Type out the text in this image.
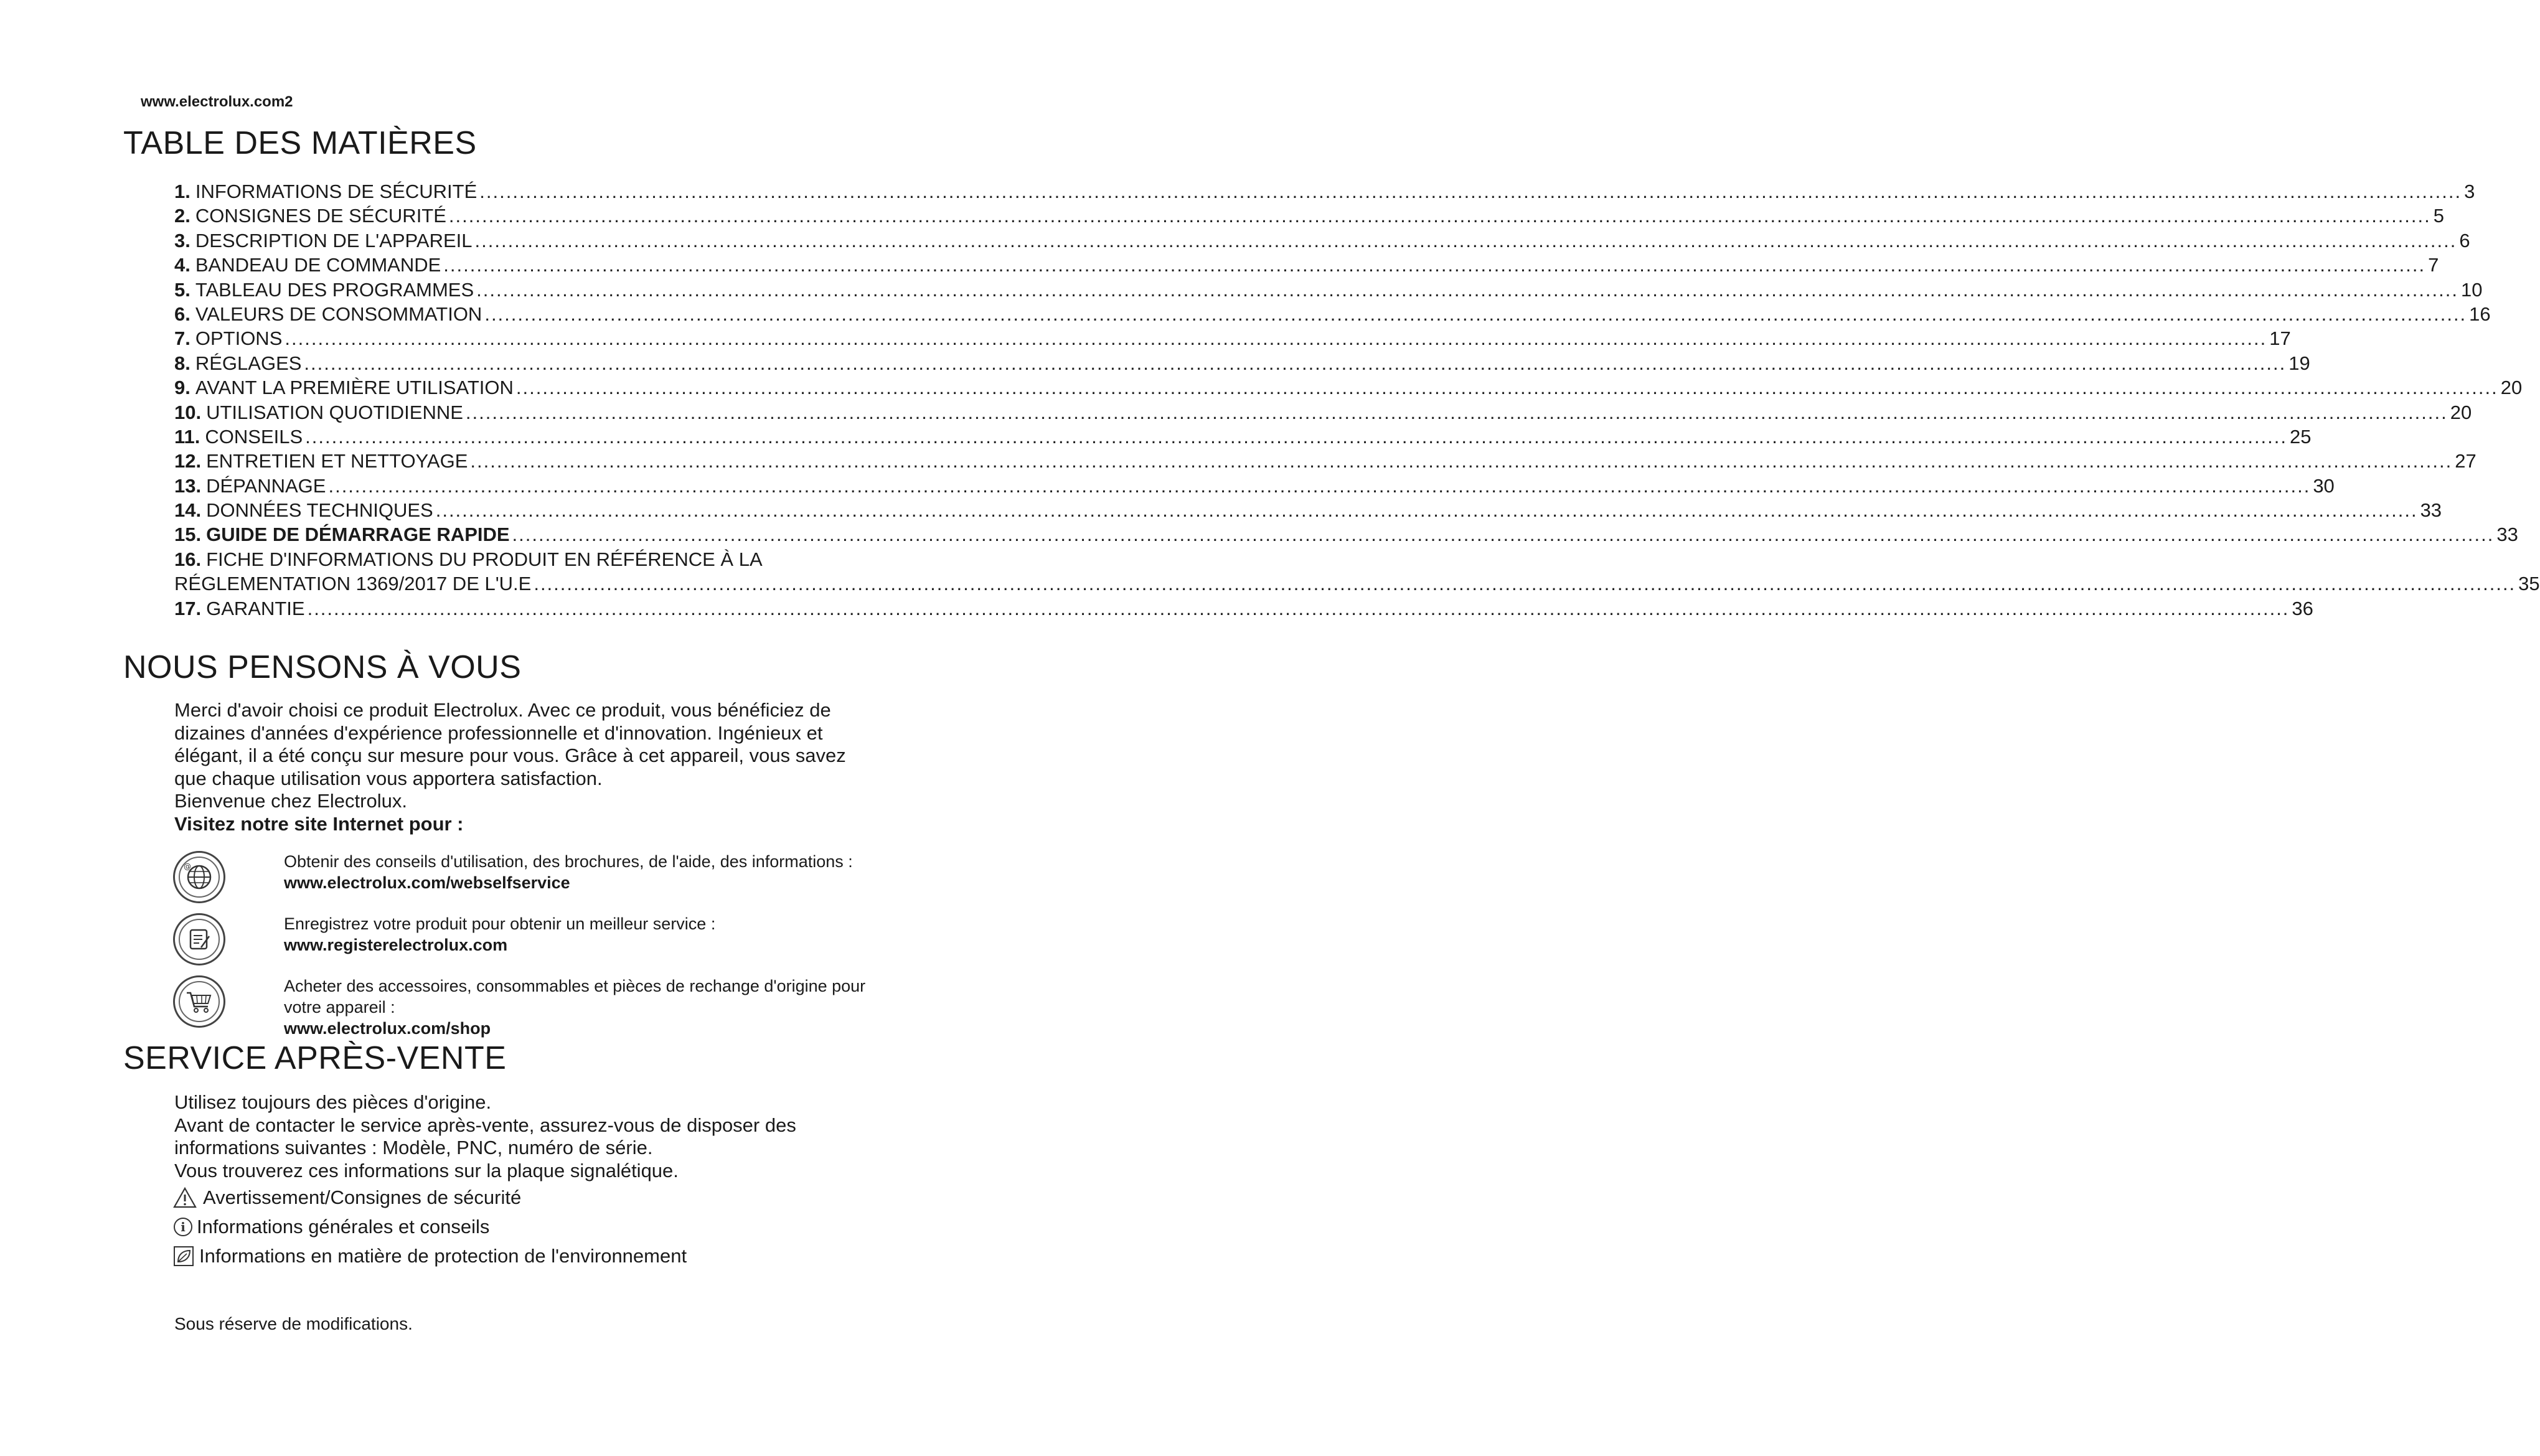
www.electrolux.com2
TABLE DES MATIÈRES
1. INFORMATIONS DE SÉCURITÉ ............................................................................................................................................................................................................................................................................................................ 3
2. CONSIGNES DE SÉCURITÉ ............................................................................................................................................................................................................................................................................................................ 5
3. DESCRIPTION DE L'APPAREIL ............................................................................................................................................................................................................................................................................................................ 6
4. BANDEAU DE COMMANDE ............................................................................................................................................................................................................................................................................................................ 7
5. TABLEAU DES PROGRAMMES ............................................................................................................................................................................................................................................................................................................ 10
6. VALEURS DE CONSOMMATION ............................................................................................................................................................................................................................................................................................................ 16
7. OPTIONS ............................................................................................................................................................................................................................................................................................................ 17
8. RÉGLAGES ............................................................................................................................................................................................................................................................................................................ 19
9. AVANT LA PREMIÈRE UTILISATION ............................................................................................................................................................................................................................................................................................................ 20
10. UTILISATION QUOTIDIENNE ............................................................................................................................................................................................................................................................................................................ 20
11. CONSEILS ............................................................................................................................................................................................................................................................................................................ 25
12. ENTRETIEN ET NETTOYAGE ............................................................................................................................................................................................................................................................................................................ 27
13. DÉPANNAGE ............................................................................................................................................................................................................................................................................................................ 30
14. DONNÉES TECHNIQUES ............................................................................................................................................................................................................................................................................................................ 33
15. GUIDE DE DÉMARRAGE RAPIDE ............................................................................................................................................................................................................................................................................................................ 33
16. FICHE D'INFORMATIONS DU PRODUIT EN RÉFÉRENCE À LA
RÉGLEMENTATION 1369/2017 DE L'U.E ............................................................................................................................................................................................................................................................................................................ 35
17. GARANTIE ............................................................................................................................................................................................................................................................................................................ 36
NOUS PENSONS À VOUS
Merci d'avoir choisi ce produit Electrolux. Avec ce produit, vous bénéficiez de
dizaines d'années d'expérience professionnelle et d'innovation. Ingénieux et
élégant, il a été conçu sur mesure pour vous. Grâce à cet appareil, vous savez
que chaque utilisation vous apportera satisfaction.
Bienvenue chez Electrolux.
Visitez notre site Internet pour :
@	Obtenir des conseils d'utilisation, des brochures, de l'aide, des informations :
www.electrolux.com/webselfservice
Enregistrez votre produit pour obtenir un meilleur service :
www.registerelectrolux.com
Acheter des accessoires, consommables et pièces de rechange d'origine pour
votre appareil :
www.electrolux.com/shop
SERVICE APRÈS-VENTE
Utilisez toujours des pièces d'origine.
Avant de contacter le service après-vente, assurez-vous de disposer des
informations suivantes : Modèle, PNC, numéro de série.
Vous trouverez ces informations sur la plaque signalétique.
Avertissement/Consignes de sécurité
i Informations générales et conseils
Informations en matière de protection de l'environnement
Sous réserve de modifications.
